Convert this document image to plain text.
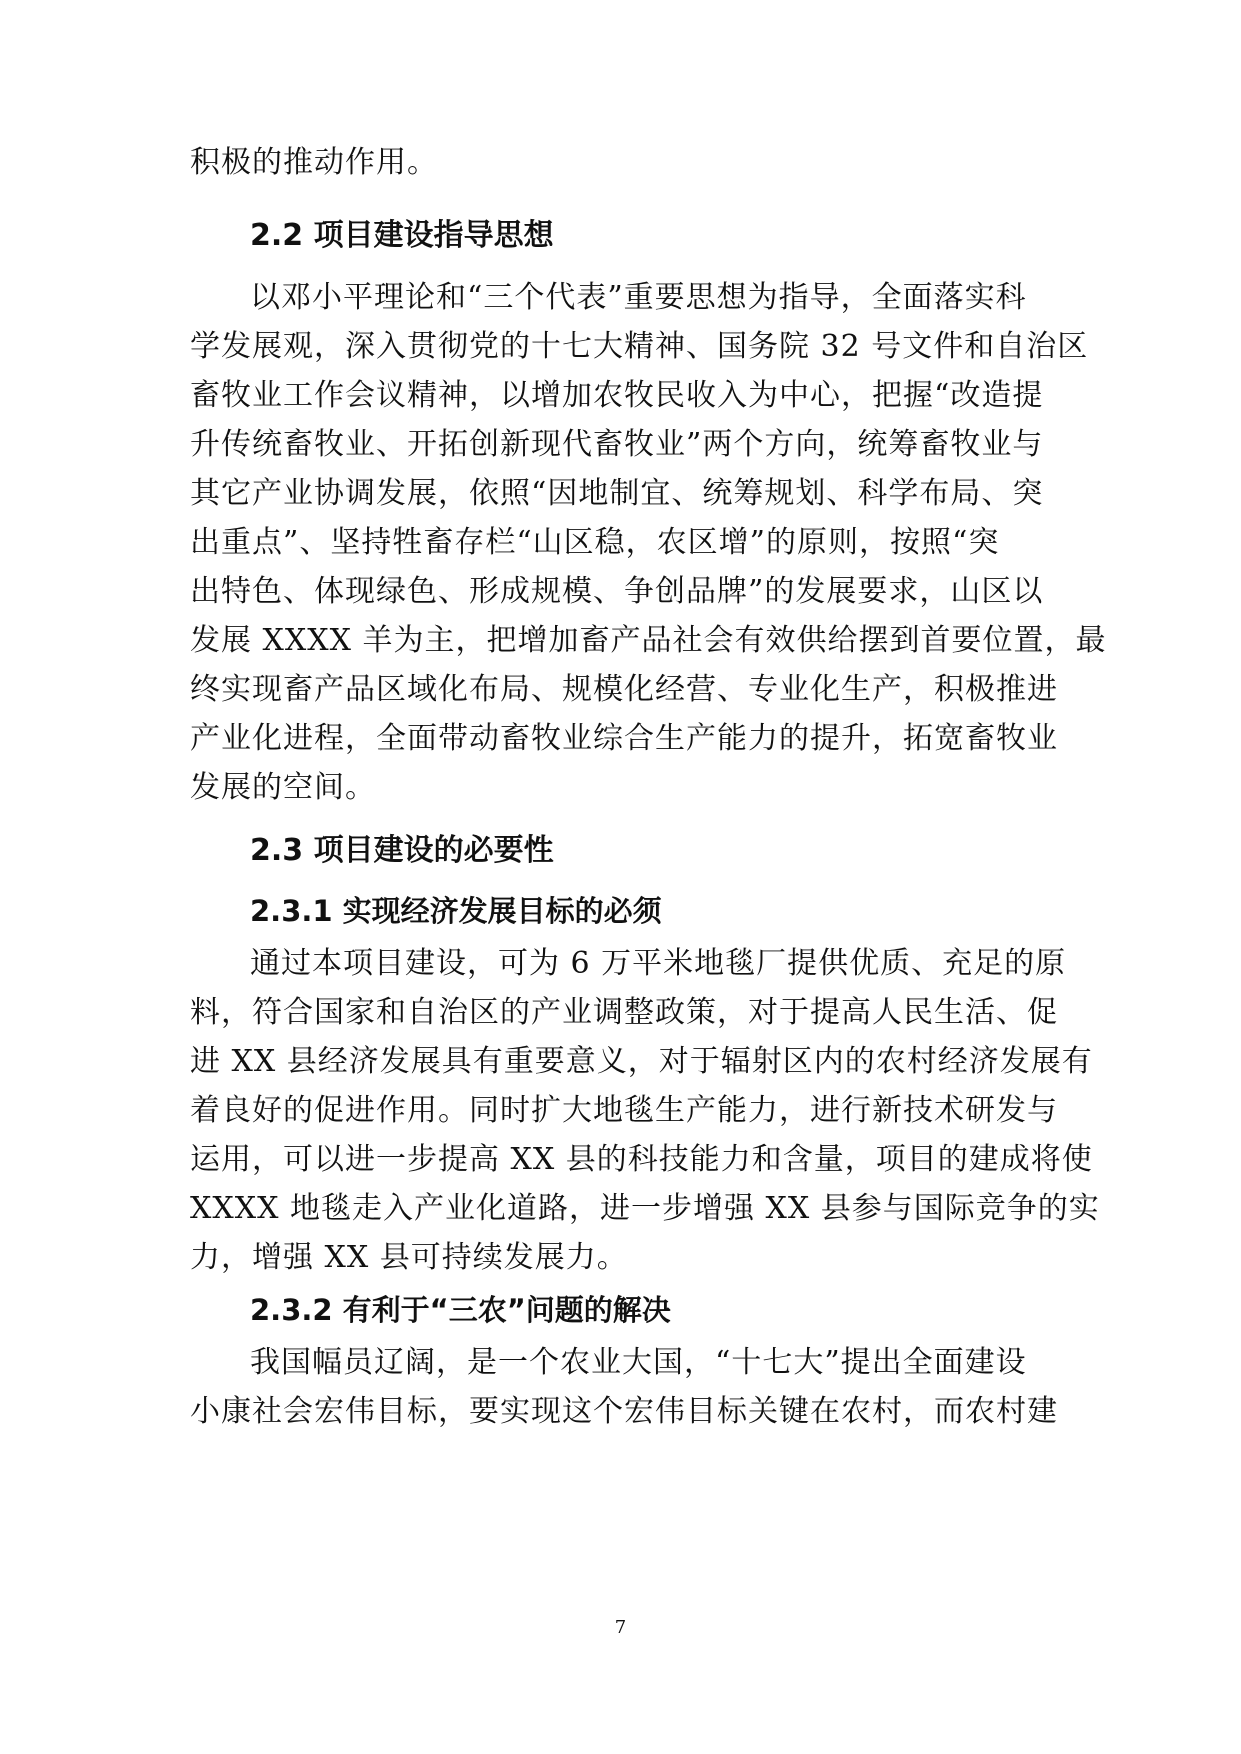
积极的推动作用。
2.2 项目建设指导思想
以邓小平理论和“三个代表”重要思想为指导，全面落实科
学发展观，深入贯彻党的十七大精神、国务院 32 号文件和自治区
畜牧业工作会议精神，以增加农牧民收入为中心，把握“改造提
升传统畜牧业、开拓创新现代畜牧业”两个方向，统筹畜牧业与
其它产业协调发展，依照“因地制宜、统筹规划、科学布局、突
出重点”、坚持牲畜存栏“山区稳，农区增”的原则，按照“突
出特色、体现绿色、形成规模、争创品牌”的发展要求，山区以
发展 XXXX 羊为主，把增加畜产品社会有效供给摆到首要位置，最
终实现畜产品区域化布局、规模化经营、专业化生产，积极推进
产业化进程，全面带动畜牧业综合生产能力的提升，拓宽畜牧业
发展的空间。
2.3 项目建设的必要性
2.3.1 实现经济发展目标的必须
通过本项目建设，可为 6 万平米地毯厂提供优质、充足的原
料，符合国家和自治区的产业调整政策，对于提高人民生活、促
进 XX 县经济发展具有重要意义，对于辐射区内的农村经济发展有
着良好的促进作用。同时扩大地毯生产能力，进行新技术研发与
运用，可以进一步提高 XX 县的科技能力和含量，项目的建成将使
XXXX 地毯走入产业化道路，进一步增强 XX 县参与国际竞争的实
力，增强 XX 县可持续发展力。
2.3.2 有利于“三农”问题的解决
我国幅员辽阔，是一个农业大国，“十七大”提出全面建设
小康社会宏伟目标，要实现这个宏伟目标关键在农村，而农村建
7
